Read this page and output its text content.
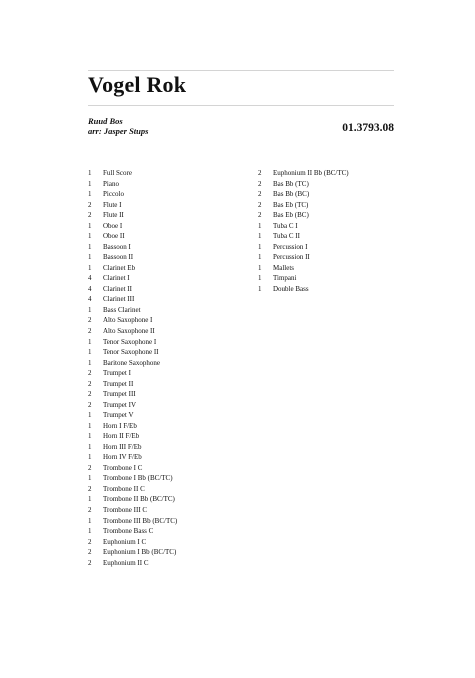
Vogel Rok
Ruud Bos
arr: Jasper Stups	01.3793.08
1	Full Score
1	Piano
1	Piccolo
2	Flute I
2	Flute II
1	Oboe I
1	Oboe II
1	Bassoon I
1	Bassoon II
1	Clarinet Eb
4	Clarinet I
4	Clarinet II
4	Clarinet III
1	Bass Clarinet
2	Alto Saxophone I
2	Alto Saxophone II
1	Tenor Saxophone I
1	Tenor Saxophone II
1	Baritone Saxophone
2	Trumpet I
2	Trumpet II
2	Trumpet III
2	Trumpet IV
1	Trumpet V
1	Horn I F/Eb
1	Horn II F/Eb
1	Horn III F/Eb
1	Horn IV F/Eb
2	Trombone I C
1	Trombone I Bb (BC/TC)
2	Trombone II C
1	Trombone II Bb (BC/TC)
2	Trombone III C
1	Trombone III Bb (BC/TC)
1	Trombone Bass C
2	Euphonium I C
2	Euphonium I Bb (BC/TC)
2	Euphonium II C
2	Euphonium II Bb (BC/TC)
2	Bas Bb (TC)
2	Bas Bb (BC)
2	Bas Eb (TC)
2	Bas Eb (BC)
1	Tuba C I
1	Tuba C II
1	Percussion I
1	Percussion II
1	Mallets
1	Timpani
1	Double Bass
